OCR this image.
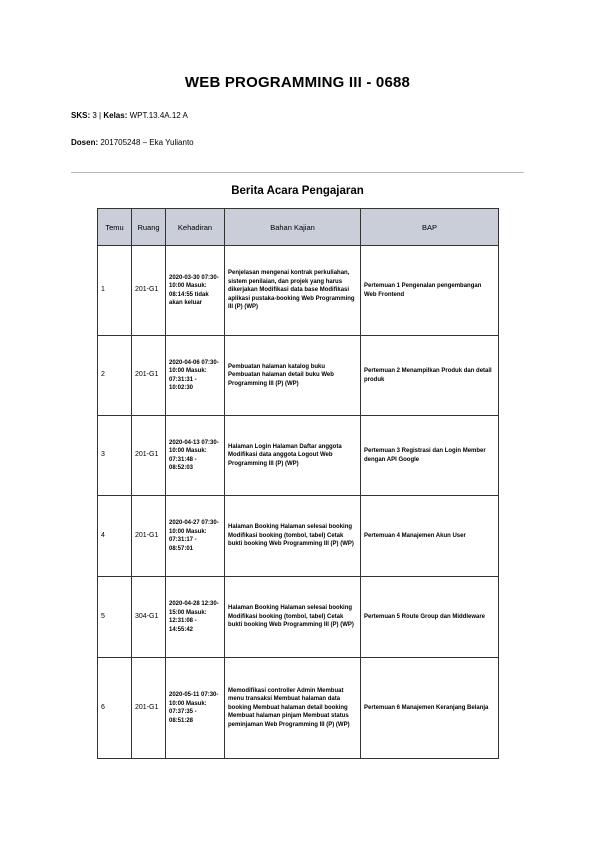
WEB PROGRAMMING III - 0688
SKS: 3 | Kelas: WPT.13.4A.12 A
Dosen: 201705248 – Eka Yulianto
Berita Acara Pengajaran
Temu	Ruang	Kehadiran	Bahan Kajian	BAP
1	201-G1	2020-03-30 07:30-10:00 Masuk: 08:14:55 tidak akan keluar	Penjelasan mengenai kontrak perkuliahan, sistem penilaian, dan projek yang harus dikerjakan Modifikasi data base Modifikasi aplikasi pustaka-booking Web Programming III (P) (WP)	Pertemuan 1 Pengenalan pengembangan Web Frontend
2	201-G1	2020-04-06 07:30-10:00 Masuk: 07:31:31 - 10:02:30	Pembuatan halaman katalog buku Pembuatan halaman detail buku Web Programming III (P) (WP)	Pertemuan 2 Menampilkan Produk dan detail produk
3	201-G1	2020-04-13 07:30-10:00 Masuk: 07:31:48 - 08:52:03	Halaman Login Halaman Daftar anggota Modifikasi data anggota Logout Web Programming III (P) (WP)	Pertemuan 3 Registrasi dan Login Member dengan API Google
4	201-G1	2020-04-27 07:30-10:00 Masuk: 07:31:17 - 08:57:01	Halaman Booking Halaman selesai booking Modifikasi booking (tombol, tabel) Cetak bukti booking Web Programming III (P) (WP)	Pertemuan 4 Manajemen Akun User
5	304-G1	2020-04-28 12:30-15:00 Masuk: 12:31:08 - 14:55:42	Halaman Booking Halaman selesai booking Modifikasi booking (tombol, tabel) Cetak bukti booking Web Programming III (P) (WP)	Pertemuan 5 Route Group dan Middleware
6	201-G1	2020-05-11 07:30-10:00 Masuk: 07:37:35 - 08:51:28	Memodifikasi controller Admin Membuat menu transaksi Membuat halaman data booking Membuat halaman detail booking Membuat halaman pinjam Membuat status peminjaman Web Programming III (P) (WP)	Pertemuan 6 Manajemen Keranjang Belanja
